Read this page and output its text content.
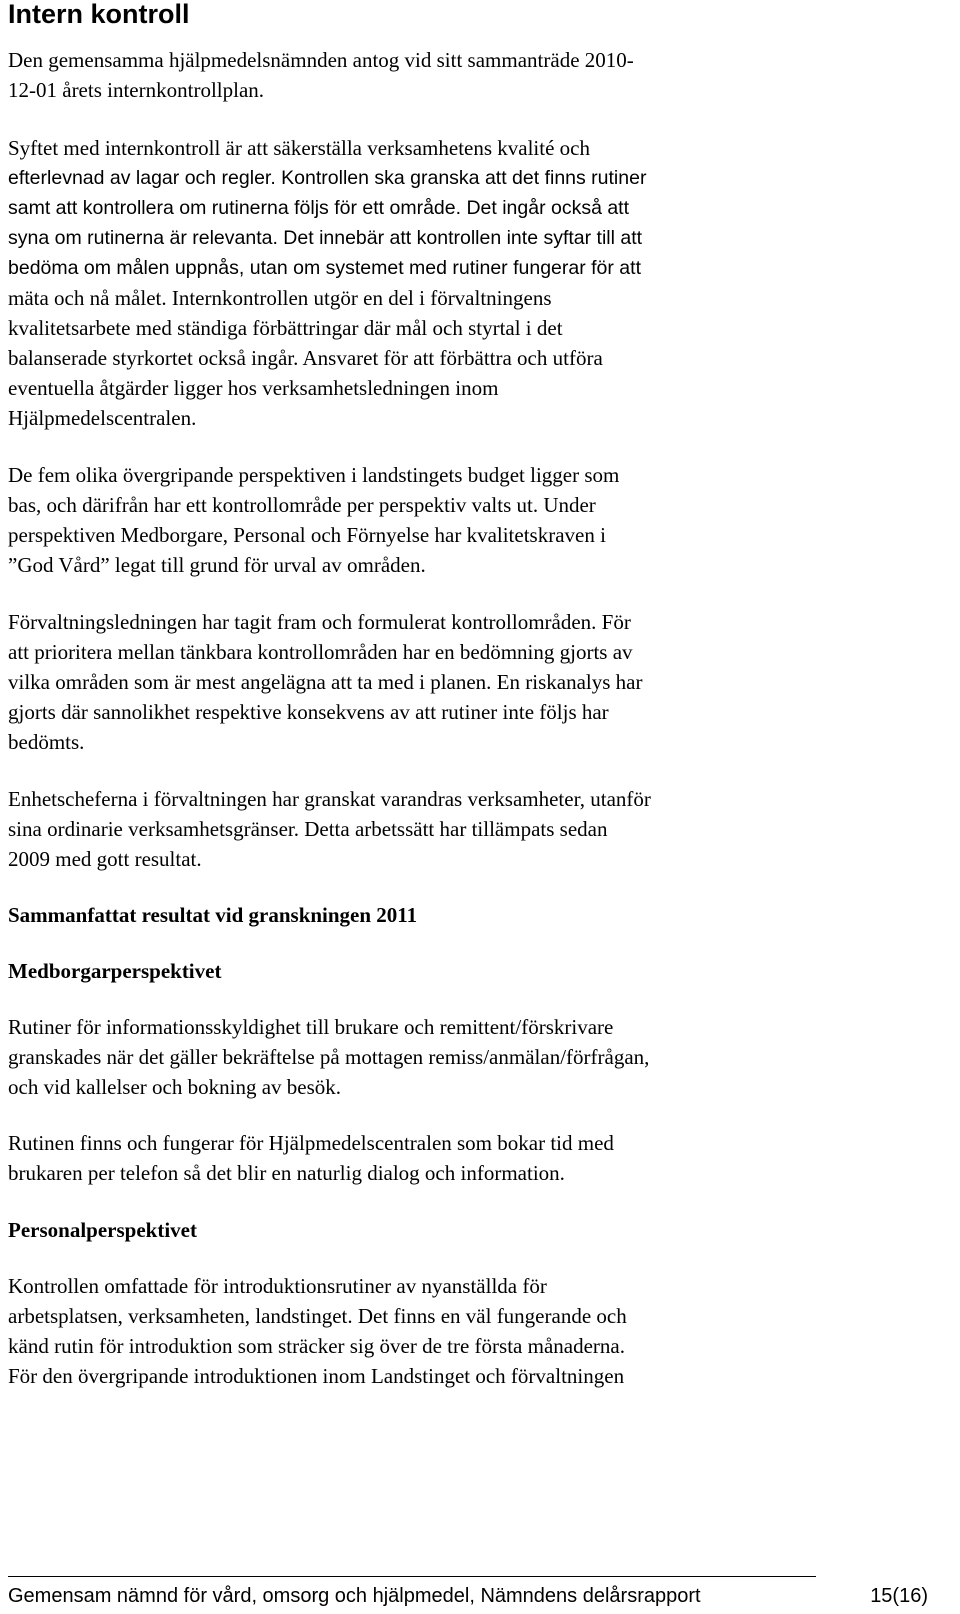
Intern kontroll

Den gemensamma hjälpmedelsnämnden antog vid sitt sammanträde 2010-
12-01 årets internkontrollplan.

Syftet med internkontroll är att säkerställa verksamhetens kvalité och
efterlevnad av lagar och regler. Kontrollen ska granska att det finns rutiner
samt att kontrollera om rutinerna följs för ett område. Det ingår också att
syna om rutinerna är relevanta. Det innebär att kontrollen inte syftar till att
bedöma om målen uppnås, utan om systemet med rutiner fungerar för att
mäta och nå målet. Internkontrollen utgör en del i förvaltningens
kvalitetsarbete med ständiga förbättringar där mål och styrtal i det
balanserade styrkortet också ingår. Ansvaret för att förbättra och utföra
eventuella åtgärder ligger hos verksamhetsledningen inom
Hjälpmedelscentralen.

De fem olika övergripande perspektiven i landstingets budget ligger som
bas, och därifrån har ett kontrollområde per perspektiv valts ut. Under
perspektiven Medborgare, Personal och Förnyelse har kvalitetskraven i
”God Vård” legat till grund för urval av områden.

Förvaltningsledningen har tagit fram och formulerat kontrollområden. För
att prioritera mellan tänkbara kontrollområden har en bedömning gjorts av
vilka områden som är mest angelägna att ta med i planen. En riskanalys har
gjorts där sannolikhet respektive konsekvens av att rutiner inte följs har
bedömts.

Enhetscheferna i förvaltningen har granskat varandras verksamheter, utanför
sina ordinarie verksamhetsgränser. Detta arbetssätt har tillämpats sedan
2009 med gott resultat.

Sammanfattat resultat vid granskningen 2011
Medborgarperspektivet

Rutiner för informationsskyldighet till brukare och remittent/förskrivare
granskades när det gäller bekräftelse på mottagen remiss/anmälan/förfrågan,
och vid kallelser och bokning av besök.

Rutinen finns och fungerar för Hjälpmedelscentralen som bokar tid med
brukaren per telefon så det blir en naturlig dialog och information.

Personalperspektivet

Kontrollen omfattade för introduktionsrutiner av nyanställda för
arbetsplatsen, verksamheten, landstinget. Det finns en väl fungerande och
känd rutin för introduktion som sträcker sig över de tre första månaderna.
För den övergripande introduktionen inom Landstinget och förvaltningen

Gemensam nämnd för vård, omsorg och hjälpmedel, Nämndens delårsrapport	15(16)
